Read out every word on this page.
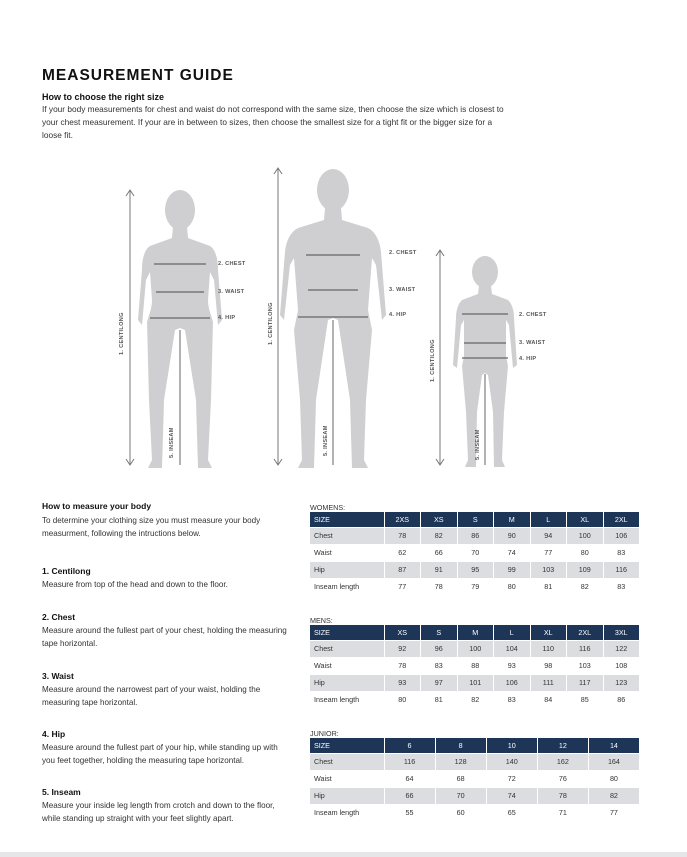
MEASUREMENT GUIDE
How to choose the right size
If your body measurements for chest and waist do not correspond with the same size, then choose the size which is closest to your chest measurement. If your are in between to sizes, then choose the smallest size for a tight fit or the bigger size for a loose fit.
2. CHEST
3. WAIST
4. HIP
1. CENTILONG
5. INSEAM
2. CHEST
3. WAIST
4. HIP
1. CENTILONG
5. INSEAM
2. CHEST
3. WAIST
4. HIP
1. CENTILONG
5. INSEAM
How to measure your body
To determine your clothing size you must measure your body measurment, following the intructions below.
1. Centilong
Measure from top of the head and down to the floor.
2. Chest
Measure around the fullest part of your chest, holding the measuring tape horizontal.
3. Waist
Measure around the narrowest part of your waist, holding the measuring tape horizontal.
4. Hip
Measure around the fullest part of your hip, while standing up with you feet together, holding the measuring tape horizontal.
5. Inseam
Measure your inside leg length from crotch and down to the floor, while standing up straight with your feet slightly apart.
WOMENS:
SIZE	2XS	XS	S	M	L	XL	2XL
Chest	78	82	86	90	94	100	106
Waist	62	66	70	74	77	80	83
Hip	87	91	95	99	103	109	116
Inseam length	77	78	79	80	81	82	83
MENS:
SIZE	XS	S	M	L	XL	2XL	3XL
Chest	92	96	100	104	110	116	122
Waist	78	83	88	93	98	103	108
Hip	93	97	101	106	111	117	123
Inseam length	80	81	82	83	84	85	86
JUNIOR:
SIZE	6	8	10	12	14
Chest	116	128	140	162	164
Waist	64	68	72	76	80
Hip	66	70	74	78	82
Inseam length	55	60	65	71	77
